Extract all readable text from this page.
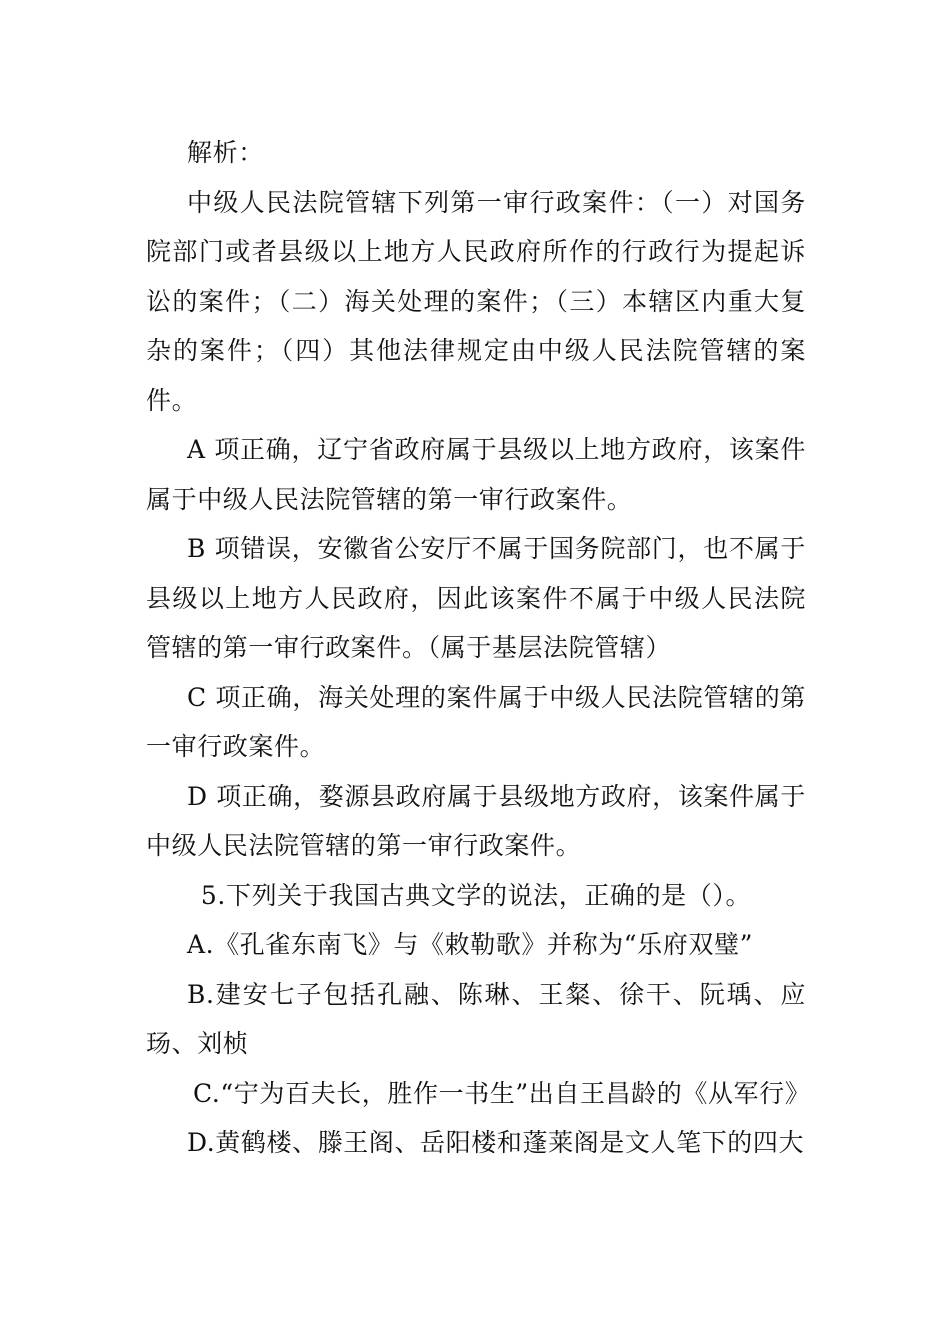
解析：

中级人民法院管辖下列第一审行政案件：（一）对国务院部门或者县级以上地方人民政府所作的行政行为提起诉讼的案件；（二）海关处理的案件；（三）本辖区内重大复杂的案件；（四）其他法律规定由中级人民法院管辖的案件。

A 项正确，辽宁省政府属于县级以上地方政府，该案件属于中级人民法院管辖的第一审行政案件。

B 项错误，安徽省公安厅不属于国务院部门，也不属于县级以上地方人民政府，因此该案件不属于中级人民法院管辖的第一审行政案件。（属于基层法院管辖）

C 项正确，海关处理的案件属于中级人民法院管辖的第一审行政案件。

D 项正确，婺源县政府属于县级地方政府，该案件属于中级人民法院管辖的第一审行政案件。

5.下列关于我国古典文学的说法，正确的是（）。

A.《孔雀东南飞》与《敕勒歌》并称为“乐府双璧”

B.建安七子包括孔融、陈琳、王粲、徐干、阮瑀、应玚、刘桢

C.“宁为百夫长，胜作一书生”出自王昌龄的《从军行》

D.黄鹤楼、滕王阁、岳阳楼和蓬莱阁是文人笔下的四大
